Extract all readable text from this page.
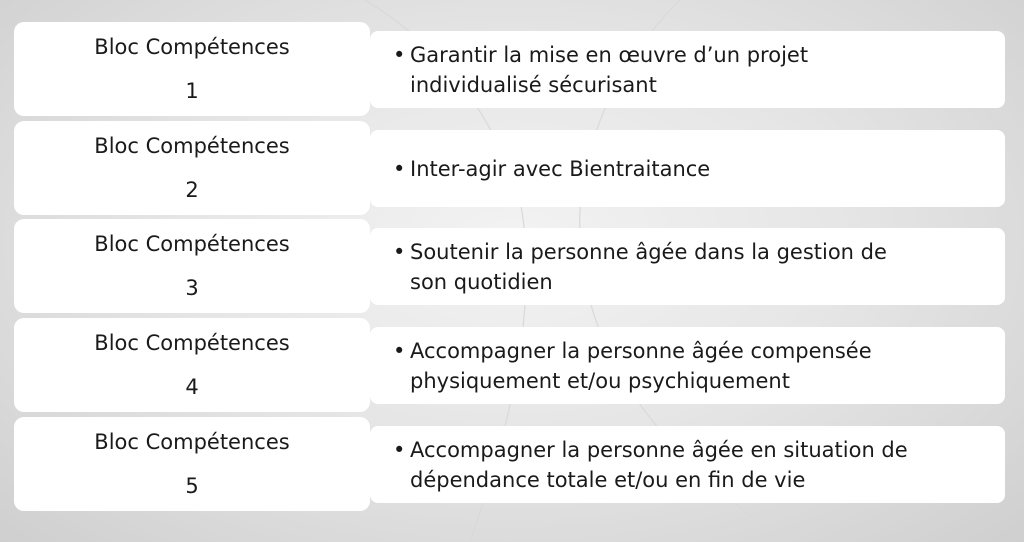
• Garantir la mise en œuvre d’un projet individualisé sécurisant
Bloc Compétences
1
• Inter-agir avec Bientraitance
Bloc Compétences
2
• Soutenir la personne âgée dans la gestion de son quotidien
Bloc Compétences
3
• Accompagner la personne âgée compensée physiquement et/ou psychiquement
Bloc Compétences
4
• Accompagner la personne âgée en situation de dépendance totale et/ou en fin de vie
Bloc Compétences
5
